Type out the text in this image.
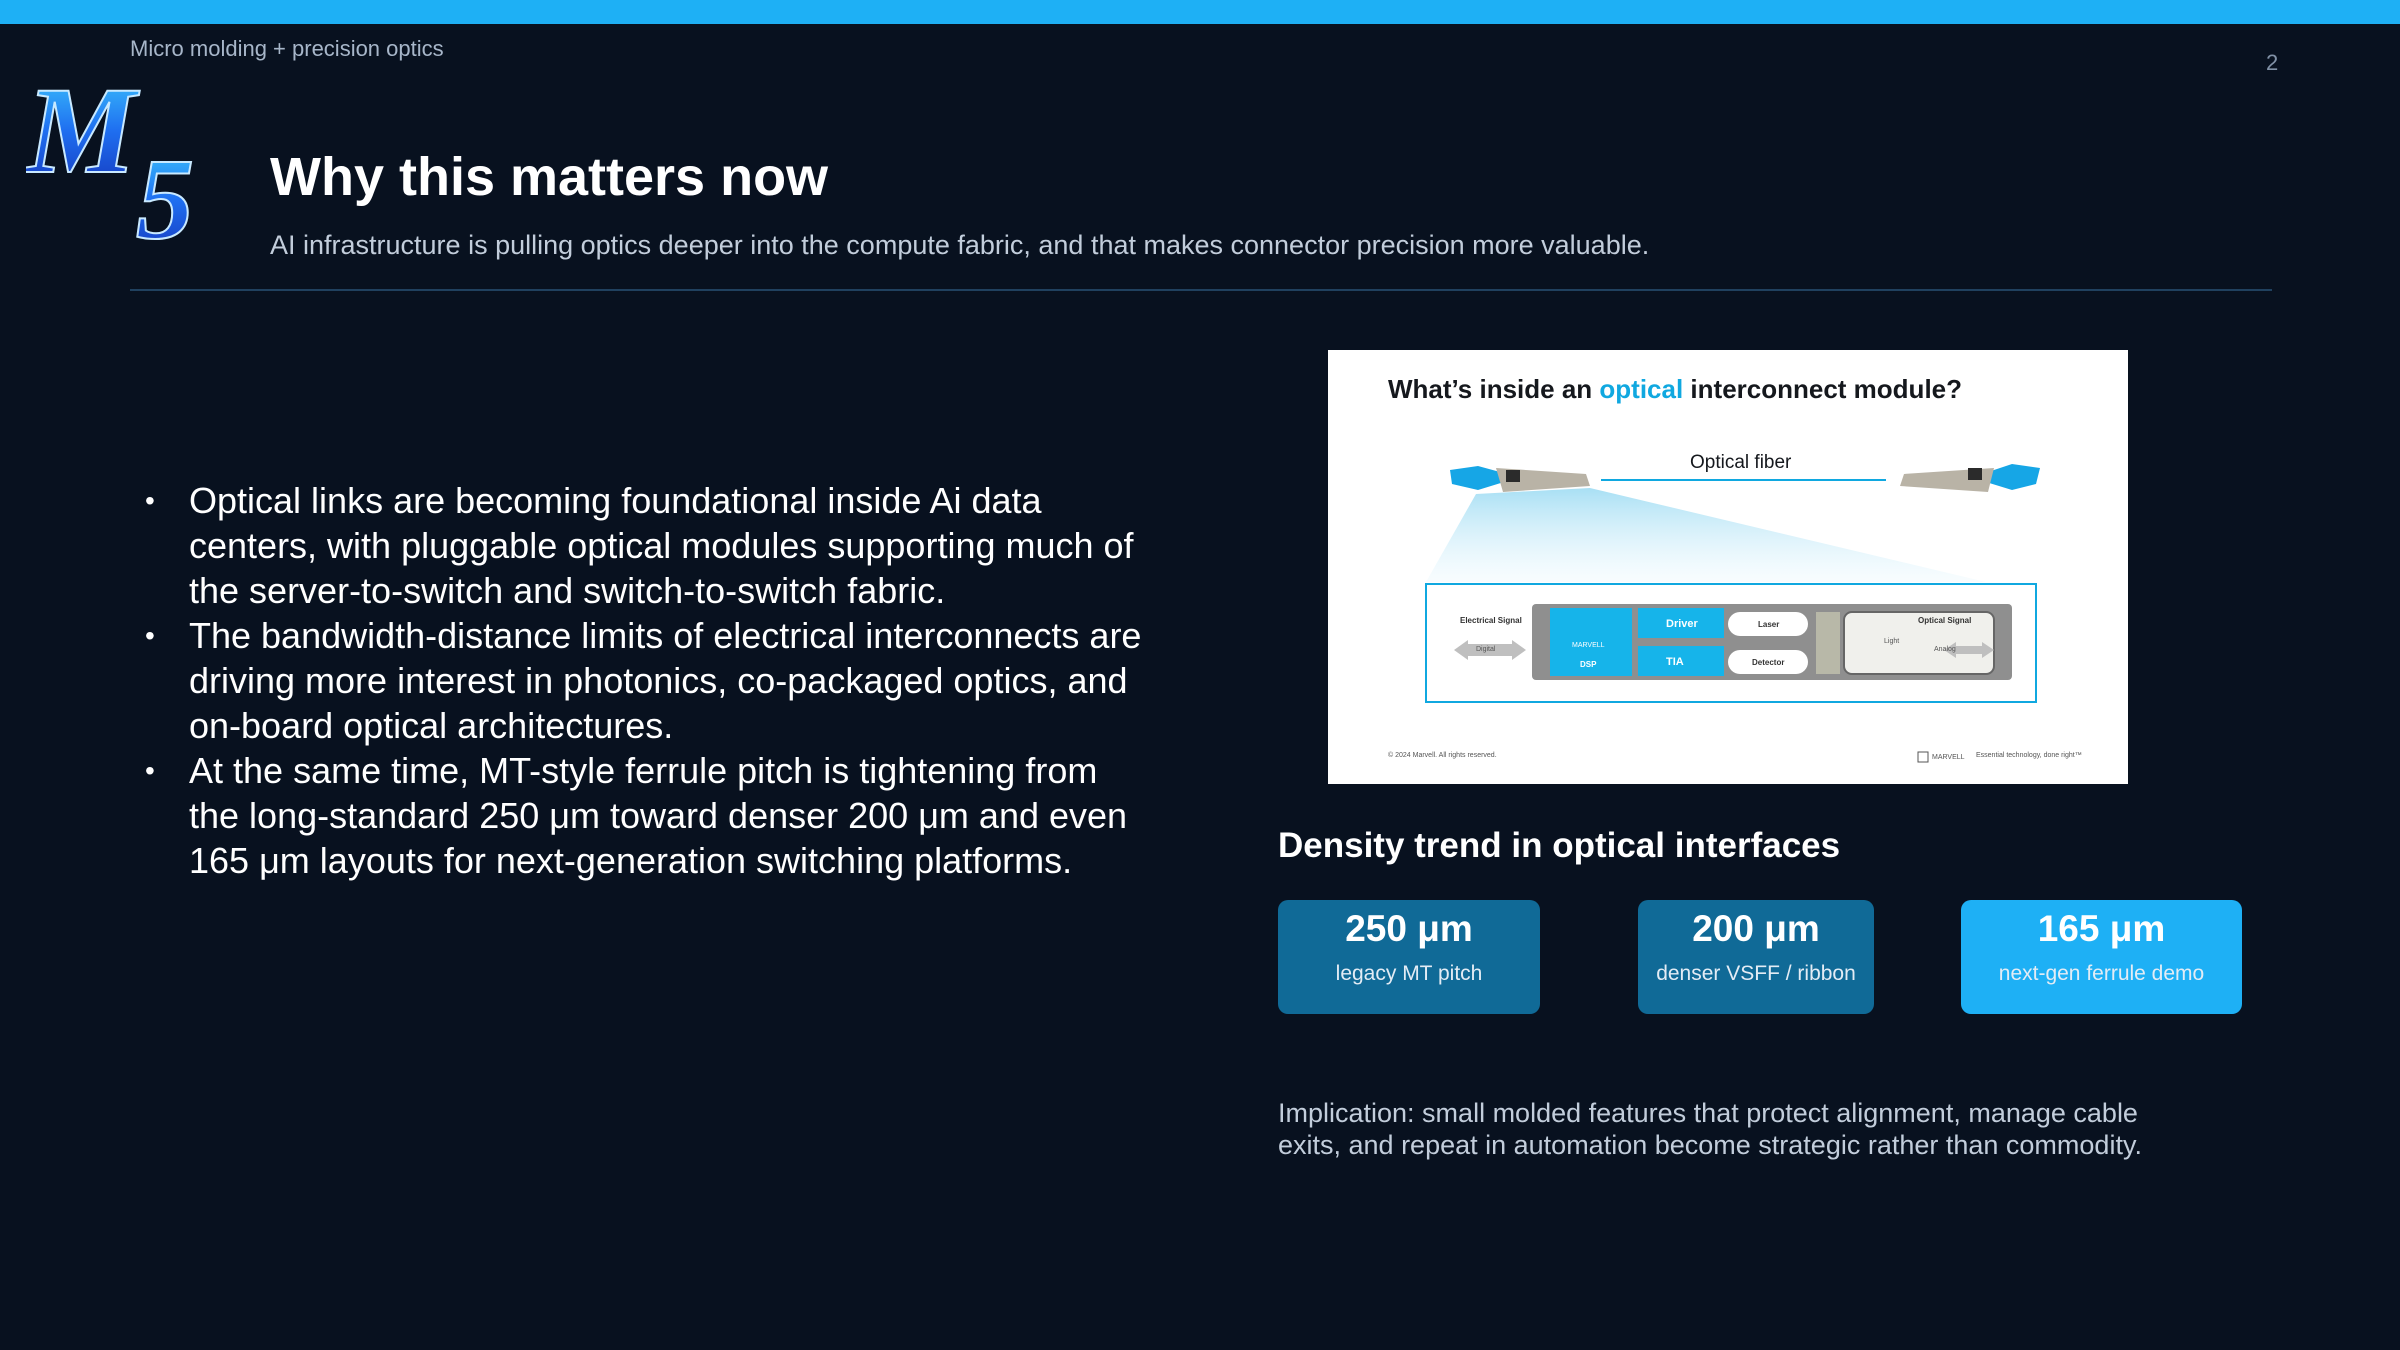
Micro molding + precision optics
2
M
5 Why this matters now
AI infrastructure is pulling optics deeper into the compute fabric, and that makes connector precision more valuable.
• Optical links are becoming foundational inside Ai data centers, with pluggable optical modules supporting much of the server-to-switch and switch-to-switch fabric.
• The bandwidth-distance limits of electrical interconnects are driving more interest in photonics, co-packaged optics, and on-board optical architectures.
• At the same time, MT-style ferrule pitch is tightening from the long-standard 250 μm toward denser 200 μm and even 165 μm layouts for next-generation switching platforms.
What’s inside an optical interconnect module?
Optical fiber
Electrical Signal
Digital
MARVELL
DSP
Driver
TIA
Laser
Detector
Light
Optical Signal
Analog
© 2024 Marvell. All rights reserved.	MARVELL Essential technology, done right™
Density trend in optical interfaces
250 μm
legacy MT pitch
200 μm
denser VSFF / ribbon
165 μm
next-gen ferrule demo
Implication: small molded features that protect alignment, manage cable exits, and repeat in automation become strategic rather than commodity.
